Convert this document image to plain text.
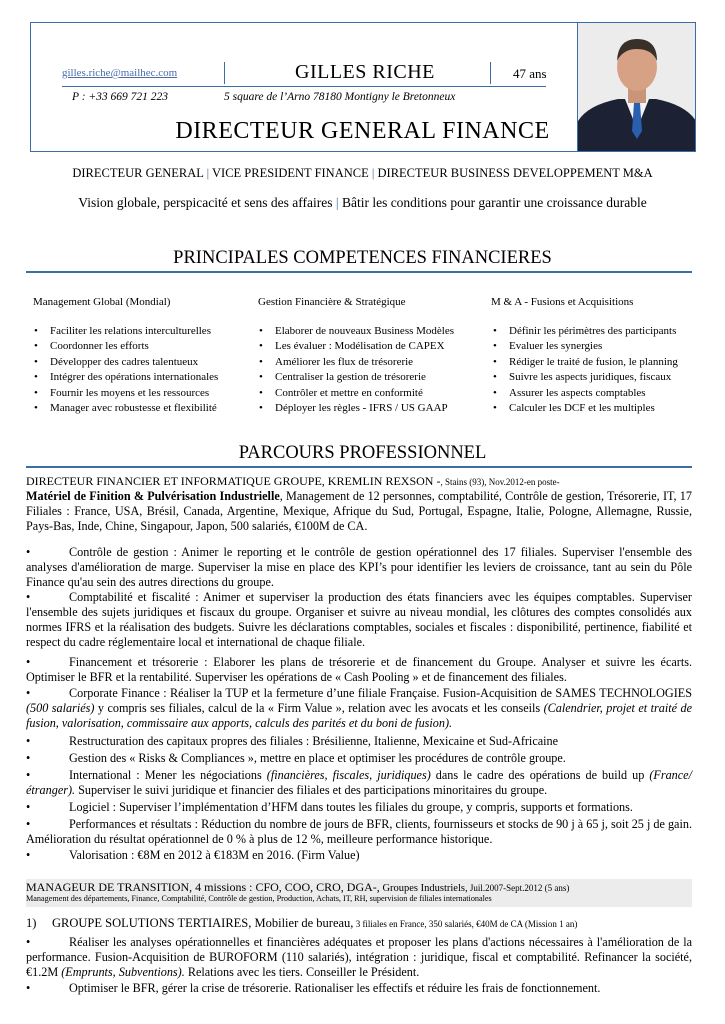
gilles.riche@mailhec.com	GILLES RICHE	47 ans
P : +33 669 721 223	5 square de l’Arno 78180 Montigny le Bretonneux
DIRECTEUR GENERAL FINANCE
DIRECTEUR GENERAL | VICE PRESIDENT FINANCE | DIRECTEUR BUSINESS DEVELOPPEMENT M&A
Vision globale, perspicacité et sens des affaires | Bâtir les conditions pour garantir une croissance durable
PRINCIPALES COMPETENCES FINANCIERES
Management Global (Mondial)	Gestion Financière & Stratégique	M & A - Fusions et Acquisitions
• Faciliter les relations interculturelles
• Coordonner les efforts
• Développer des cadres talentueux
• Intégrer des opérations internationales
• Fournir les moyens et les ressources
• Manager avec robustesse et flexibilité
• Elaborer de nouveaux Business Modèles
• Les évaluer : Modélisation de CAPEX
• Améliorer les flux de trésorerie
• Centraliser la gestion de trésorerie
• Contrôler et mettre en conformité
• Déployer les règles - IFRS / US GAAP
• Définir les périmètres des participants
• Evaluer les synergies
• Rédiger le traité de fusion, le planning
• Suivre les aspects juridiques, fiscaux
• Assurer les aspects comptables
• Calculer les DCF et les multiples
PARCOURS PROFESSIONNEL
DIRECTEUR FINANCIER ET INFORMATIQUE GROUPE, KREMLIN REXSON -, Stains (93), Nov.2012-en poste-
Matériel de Finition & Pulvérisation Industrielle, Management de 12 personnes, comptabilité, Contrôle de gestion, Trésorerie, IT, 17 Filiales : France, USA, Brésil, Canada, Argentine, Mexique, Afrique du Sud, Portugal, Espagne, Italie, Pologne, Allemagne, Russie, Pays-Bas, Inde, Chine, Singapour, Japon, 500 salariés, €100M de CA.
•	Contrôle de gestion : Animer le reporting et le contrôle de gestion opérationnel des 17 filiales. Superviser l'ensemble des analyses d'amélioration de marge. Superviser la mise en place des KPI’s pour identifier les leviers de croissance, tant au sein du Pôle Finance qu'au sein des autres directions du groupe.
•	Comptabilité et fiscalité : Animer et superviser la production des états financiers avec les équipes comptables. Superviser l'ensemble des sujets juridiques et fiscaux du groupe. Organiser et suivre au niveau mondial, les clôtures des comptes consolidés aux normes IFRS et la réalisation des budgets. Suivre les déclarations comptables, sociales et fiscales : disponibilité, pertinence, fiabilité et respect du cadre réglementaire local et international de chaque filiale.
•	Financement et trésorerie : Elaborer les plans de trésorerie et de financement du Groupe. Analyser et suivre les écarts. Optimiser le BFR et la rentabilité. Superviser les opérations de « Cash Pooling » et de financement des filiales.
•	Corporate Finance : Réaliser la TUP et la fermeture d’une filiale Française. Fusion-Acquisition de SAMES TECHNOLOGIES (500 salariés) y compris ses filiales, calcul de la « Firm Value », relation avec les avocats et les conseils (Calendrier, projet et traité de fusion, valorisation, commissaire aux apports, calculs des parités et du boni de fusion).
•	Restructuration des capitaux propres des filiales : Brésilienne, Italienne, Mexicaine et Sud-Africaine
•	Gestion des « Risks & Compliances », mettre en place et optimiser les procédures de contrôle groupe.
•	International : Mener les négociations (financières, fiscales, juridiques) dans le cadre des opérations de build up (France/étranger). Superviser le suivi juridique et financier des filiales et des participations minoritaires du groupe.
•	Logiciel : Superviser l’implémentation d’HFM dans toutes les filiales du groupe, y compris, supports et formations.
•	Performances et résultats : Réduction du nombre de jours de BFR, clients, fournisseurs et stocks de 90 j à 65 j, soit 25 j de gain. Amélioration du résultat opérationnel de 0 % à plus de 12 %, meilleure performance historique.
•	Valorisation : €8M en 2012 à €183M en 2016. (Firm Value)
MANAGEUR DE TRANSITION, 4 missions : CFO, COO, CRO, DGA-, Groupes Industriels, Juil.2007-Sept.2012 (5 ans)
Management des départements, Finance, Comptabilité, Contrôle de gestion, Production, Achats, IT, RH, supervision de filiales internationales
1) GROUPE SOLUTIONS TERTIAIRES, Mobilier de bureau, 3 filiales en France, 350 salariés, €40M de CA (Mission 1 an)
•	Réaliser les analyses opérationnelles et financières adéquates et proposer les plans d'actions nécessaires à l'amélioration de la performance. Fusion-Acquisition de BUROFORM (110 salariés), intégration : juridique, fiscal et comptabilité. Refinancer la société, €1.2M (Emprunts, Subventions). Relations avec les tiers. Conseiller le Président.
•	Optimiser le BFR, gérer la crise de trésorerie. Rationaliser les effectifs et réduire les frais de fonctionnement.
